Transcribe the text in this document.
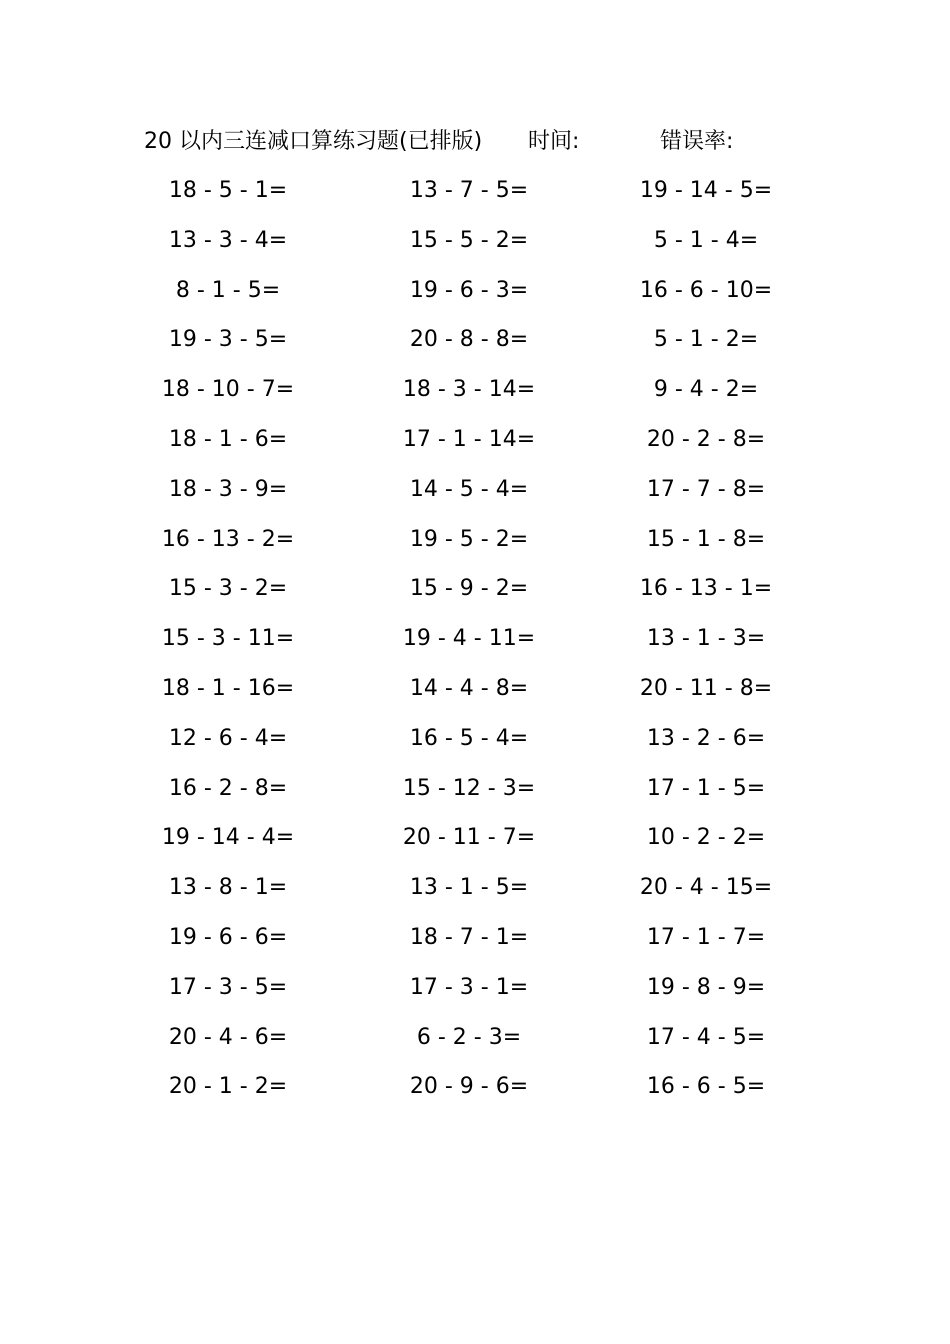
20 以内三连减口算练习题(已排版) 时间:	错误率:
18 - 5 - 1=	13 - 7 - 5=	19 - 14 - 5=
13 - 3 - 4=	15 - 5 - 2=	5 - 1 - 4=
8 - 1 - 5=	19 - 6 - 3=	16 - 6 - 10=
19 - 3 - 5=	20 - 8 - 8=	5 - 1 - 2=
18 - 10 - 7=	18 - 3 - 14=	9 - 4 - 2=
18 - 1 - 6=	17 - 1 - 14=	20 - 2 - 8=
18 - 3 - 9=	14 - 5 - 4=	17 - 7 - 8=
16 - 13 - 2=	19 - 5 - 2=	15 - 1 - 8=
15 - 3 - 2=	15 - 9 - 2=	16 - 13 - 1=
15 - 3 - 11=	19 - 4 - 11=	13 - 1 - 3=
18 - 1 - 16=	14 - 4 - 8=	20 - 11 - 8=
12 - 6 - 4=	16 - 5 - 4=	13 - 2 - 6=
16 - 2 - 8=	15 - 12 - 3=	17 - 1 - 5=
19 - 14 - 4=	20 - 11 - 7=	10 - 2 - 2=
13 - 8 - 1=	13 - 1 - 5=	20 - 4 - 15=
19 - 6 - 6=	18 - 7 - 1=	17 - 1 - 7=
17 - 3 - 5=	17 - 3 - 1=	19 - 8 - 9=
20 - 4 - 6=	6 - 2 - 3=	17 - 4 - 5=
20 - 1 - 2=	20 - 9 - 6=	16 - 6 - 5=
